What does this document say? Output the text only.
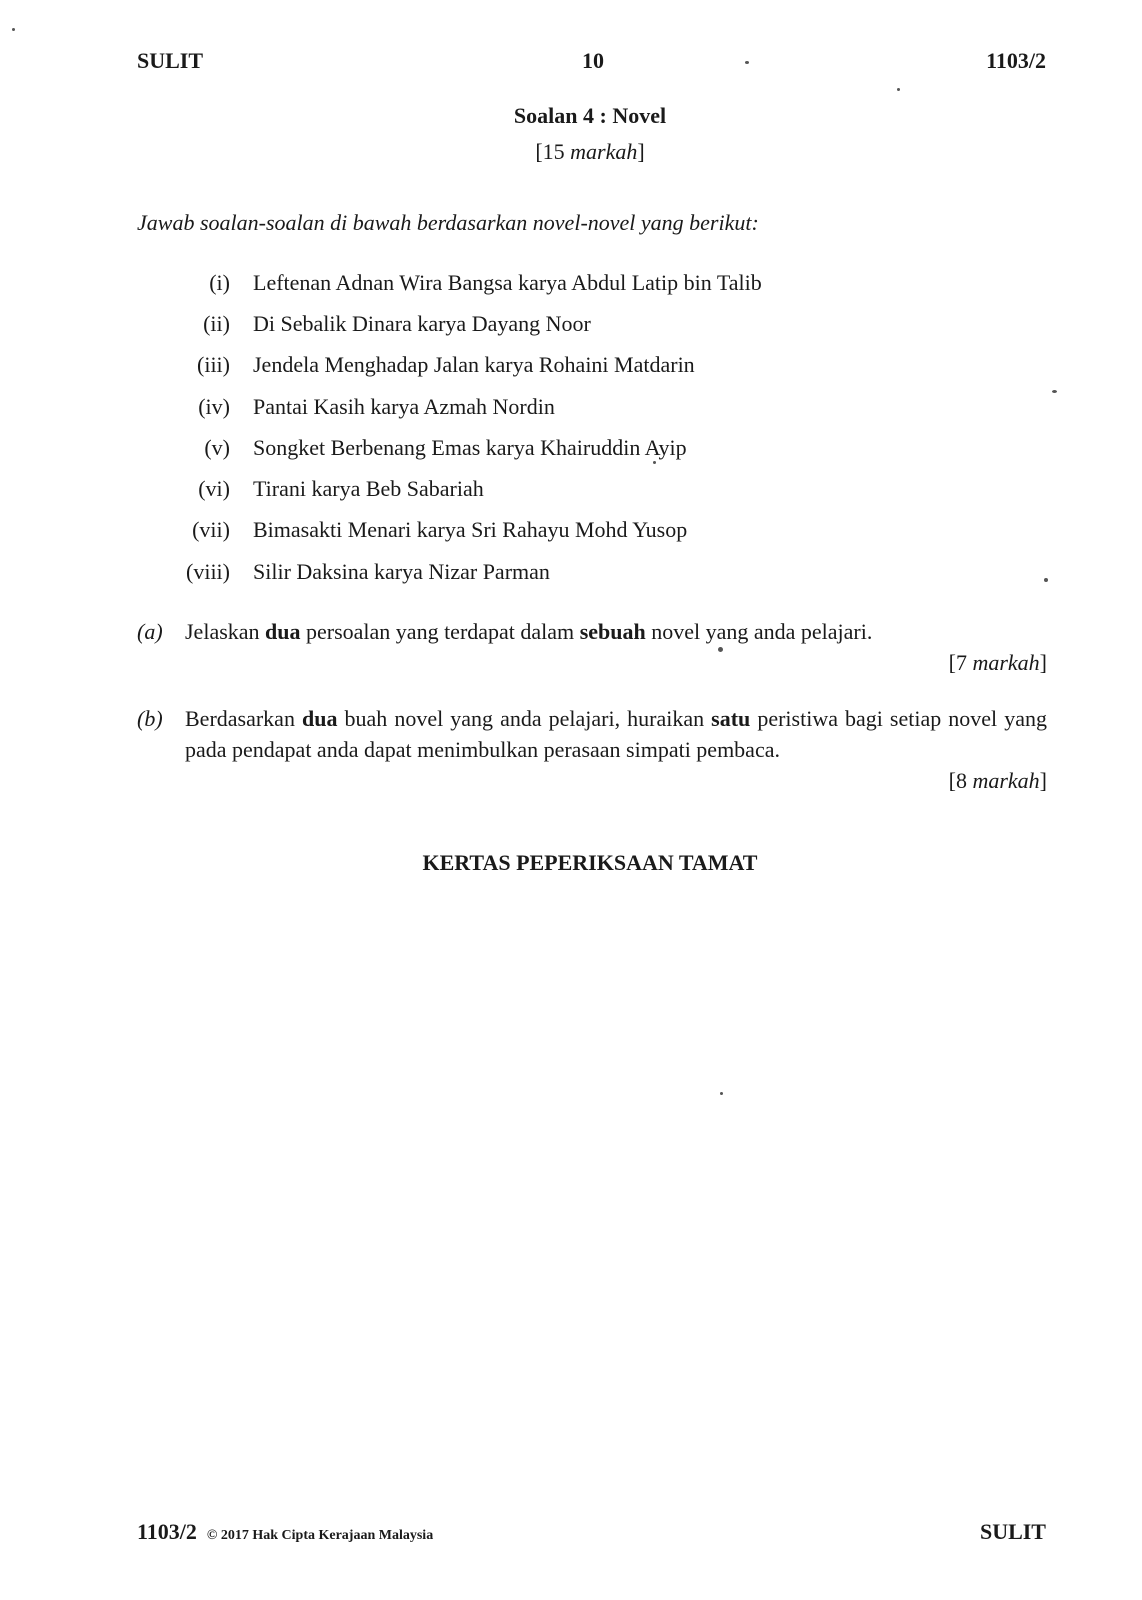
SULIT	10	1103/2
Soalan 4 : Novel
[15 markah]
Jawab soalan-soalan di bawah berdasarkan novel-novel yang berikut:
(i)	Leftenan Adnan Wira Bangsa karya Abdul Latip bin Talib
(ii)	Di Sebalik Dinara karya Dayang Noor
(iii)	Jendela Menghadap Jalan karya Rohaini Matdarin
(iv)	Pantai Kasih karya Azmah Nordin
(v)	Songket Berbenang Emas karya Khairuddin Ayip
(vi)	Tirani karya Beb Sabariah
(vii)	Bimasakti Menari karya Sri Rahayu Mohd Yusop
(viii)	Silir Daksina karya Nizar Parman
(a) Jelaskan dua persoalan yang terdapat dalam sebuah novel yang anda pelajari.
[7 markah]
(b) Berdasarkan dua buah novel yang anda pelajari, huraikan satu peristiwa bagi setiap novel yang pada pendapat anda dapat menimbulkan perasaan simpati pembaca.
[8 markah]
KERTAS PEPERIKSAAN TAMAT
1103/2 © 2017 Hak Cipta Kerajaan Malaysia	SULIT
